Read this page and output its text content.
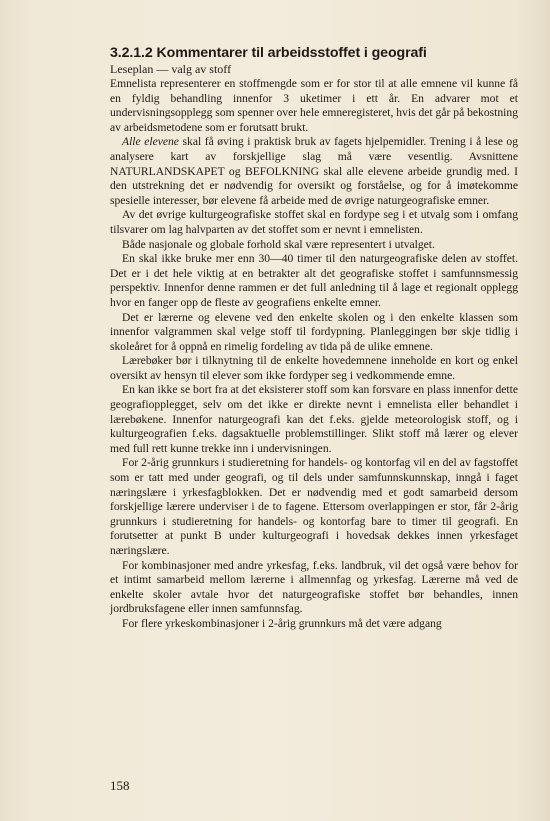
3.2.1.2 Kommentarer til arbeidsstoffet i geografi

Leseplan — valg av stoff

Emnelista representerer en stoffmengde som er for stor til at alle emnene vil kunne få en fyldig behandling innenfor 3 uketimer i ett år. En advarer mot et undervisningsopplegg som spenner over hele emneregisteret, hvis det går på bekostning av arbeidsmetodene som er forutsatt brukt.

Alle elevene skal få øving i praktisk bruk av fagets hjelpemidler. Trening i å lese og analysere kart av forskjellige slag må være vesentlig. Avsnittene NATURLANDSKAPET og BEFOLKNING skal alle elevene arbeide grundig med. I den utstrekning det er nødvendig for oversikt og forståelse, og for å imøtekomme spesielle interesser, bør elevene få arbeide med de øvrige naturgeografiske emner.

Av det øvrige kulturgeografiske stoffet skal en fordype seg i et utvalg som i omfang tilsvarer om lag halvparten av det stoffet som er nevnt i emnelisten.

Både nasjonale og globale forhold skal være representert i utvalget.

En skal ikke bruke mer enn 30—40 timer til den naturgeografiske delen av stoffet. Det er i det hele viktig at en betrakter alt det geografiske stoffet i samfunnsmessig perspektiv. Innenfor denne rammen er det full anledning til å lage et regionalt opplegg hvor en fanger opp de fleste av geografiens enkelte emner.

Det er lærerne og elevene ved den enkelte skolen og i den enkelte klassen som innenfor valgrammen skal velge stoff til fordypning. Planleggingen bør skje tidlig i skoleåret for å oppnå en rimelig fordeling av tida på de ulike emnene.

Lærebøker bør i tilknytning til de enkelte hovedemnene inneholde en kort og enkel oversikt av hensyn til elever som ikke fordyper seg i vedkommende emne.

En kan ikke se bort fra at det eksisterer stoff som kan forsvare en plass innenfor dette geografiopplegget, selv om det ikke er direkte nevnt i emnelista eller behandlet i lærebøkene. Innenfor naturgeografi kan det f.eks. gjelde meteorologisk stoff, og i kulturgeografien f.eks. dagsaktuelle problemstillinger. Slikt stoff må lærer og elever med full rett kunne trekke inn i undervisningen.

For 2-årig grunnkurs i studieretning for handels- og kontorfag vil en del av fagstoffet som er tatt med under geografi, og til dels under samfunnskunnskap, inngå i faget næringslære i yrkesfagblokken. Det er nødvendig med et godt samarbeid dersom forskjellige lærere underviser i de to fagene. Ettersom overlappingen er stor, får 2-årig grunnkurs i studieretning for handels- og kontorfag bare to timer til geografi. En forutsetter at punkt B under kulturgeografi i hovedsak dekkes innen yrkesfaget næringslære.

For kombinasjoner med andre yrkesfag, f.eks. landbruk, vil det også være behov for et intimt samarbeid mellom lærerne i allmennfag og yrkesfag. Lærerne må ved de enkelte skoler avtale hvor det naturgeografiske stoffet bør behandles, innen jordbruksfagene eller innen samfunnsfag.

For flere yrkeskombinasjoner i 2-årig grunnkurs må det være adgang

158
